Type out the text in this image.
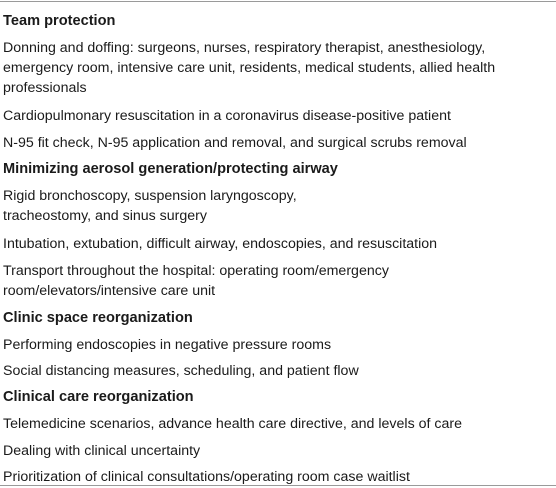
Team protection
Donning and doffing: surgeons, nurses, respiratory therapist, anesthesiology, emergency room, intensive care unit, residents, medical students, allied health professionals
Cardiopulmonary resuscitation in a coronavirus disease-positive patient
N-95 fit check, N-95 application and removal, and surgical scrubs removal
Minimizing aerosol generation/protecting airway
Rigid bronchoscopy, suspension laryngoscopy, tracheostomy, and sinus surgery
Intubation, extubation, difficult airway, endoscopies, and resuscitation
Transport throughout the hospital: operating room/emergency room/elevators/intensive care unit
Clinic space reorganization
Performing endoscopies in negative pressure rooms
Social distancing measures, scheduling, and patient flow
Clinical care reorganization
Telemedicine scenarios, advance health care directive, and levels of care
Dealing with clinical uncertainty
Prioritization of clinical consultations/operating room case waitlist
